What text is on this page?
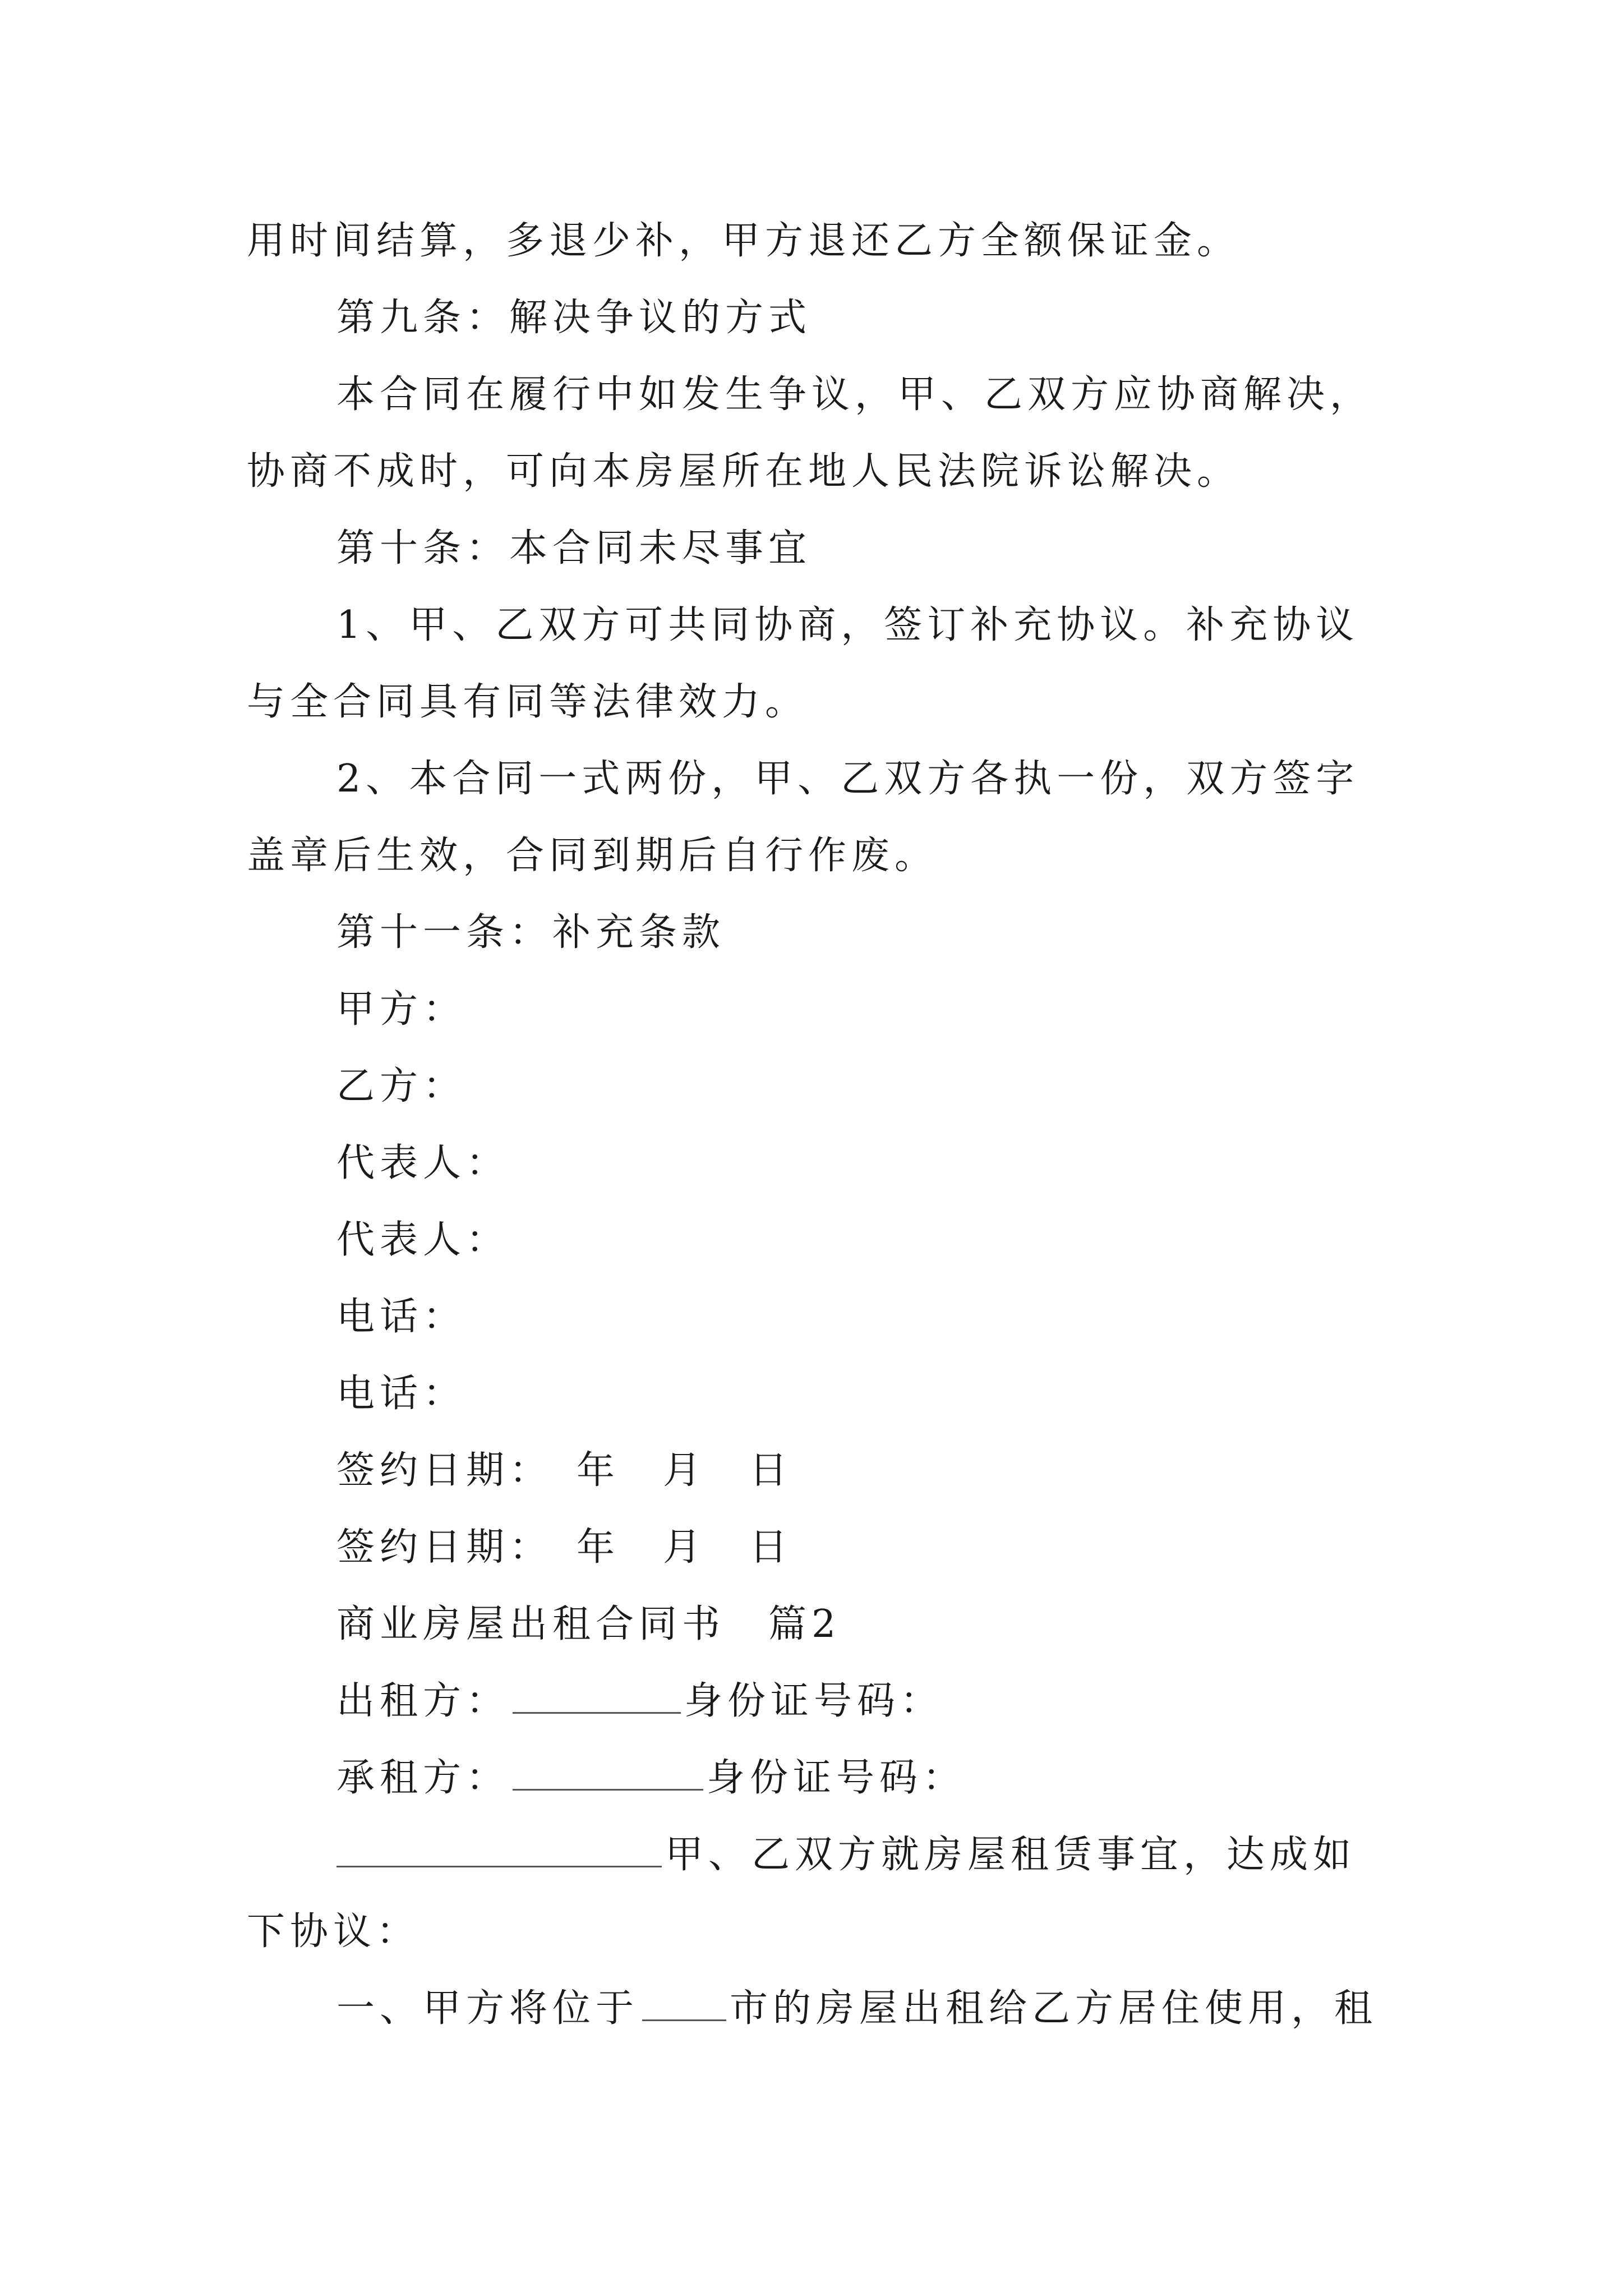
用时间结算，多退少补，甲方退还乙方全额保证金。
第九条：解决争议的方式
本合同在履行中如发生争议，甲、乙双方应协商解决，
协商不成时，可向本房屋所在地人民法院诉讼解决。
第十条：本合同未尽事宜
1、甲、乙双方可共同协商，签订补充协议。补充协议
与全合同具有同等法律效力。
2、本合同一式两份，甲、乙双方各执一份，双方签字
盖章后生效，合同到期后自行作废。
第十一条：补充条款
甲方：
乙方：
代表人：
代表人：
电话：
电话：
签约日期：　年　月　日
签约日期：　年　月　日
商业房屋出租合同书　篇2
出租方：	身份证号码：
承租方：	身份证号码：
甲、乙双方就房屋租赁事宜，达成如
下协议：
一、甲方将位于 市的房屋出租给乙方居住使用，租
